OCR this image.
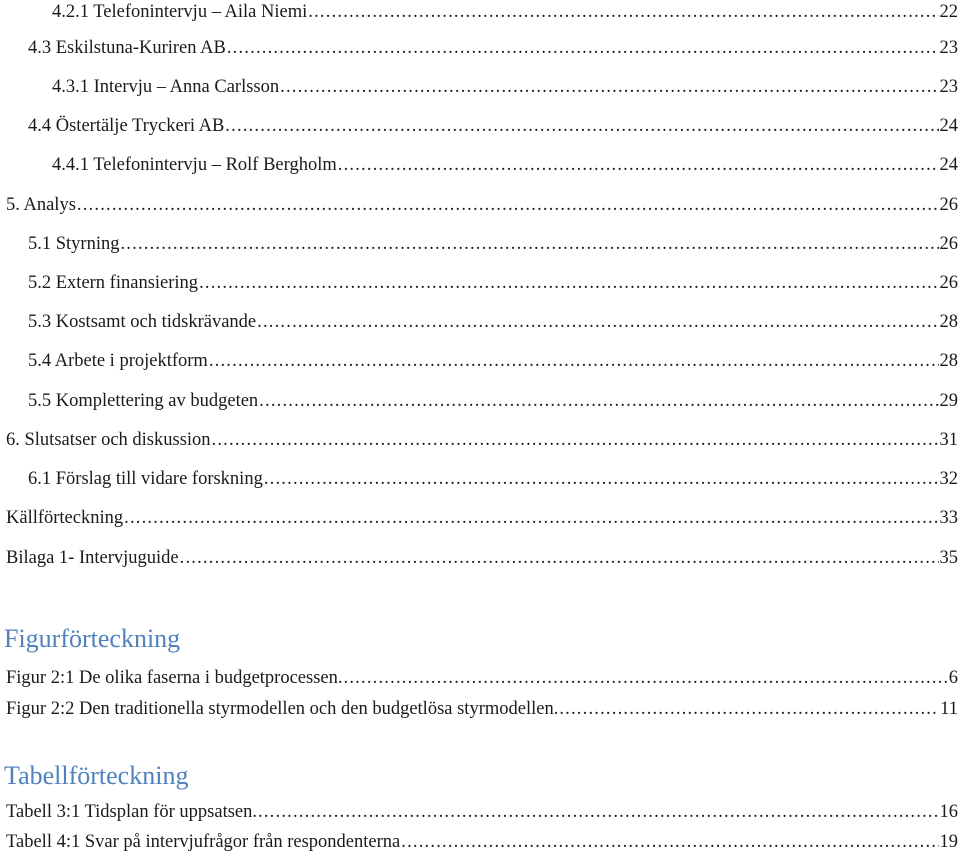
4.2.1 Telefonintervju – Aila Niemi .....	22
4.3 Eskilstuna-Kuriren AB .....	23
4.3.1 Intervju – Anna Carlsson .....	23
4.4 Östertälje Tryckeri AB .....	24
4.4.1 Telefonintervju – Rolf Bergholm .....	24
5. Analys .....	26
5.1 Styrning .....	26
5.2 Extern finansiering .....	26
5.3 Kostsamt och tidskrävande .....	28
5.4 Arbete i projektform .....	28
5.5 Komplettering av budgeten .....	29
6. Slutsatser och diskussion .....	31
6.1 Förslag till vidare forskning .....	32
Källförteckning .....	33
Bilaga 1- Intervjuguide .....	35
Figurförteckning
Figur 2:1 De olika faserna i budgetprocessen. .....	6
Figur 2:2 Den traditionella styrmodellen och den budgetlösa styrmodellen. .....	11
Tabellförteckning
Tabell 3:1 Tidsplan för uppsatsen. .....	16
Tabell 4:1 Svar på intervjufrågor från respondenterna .....	19
